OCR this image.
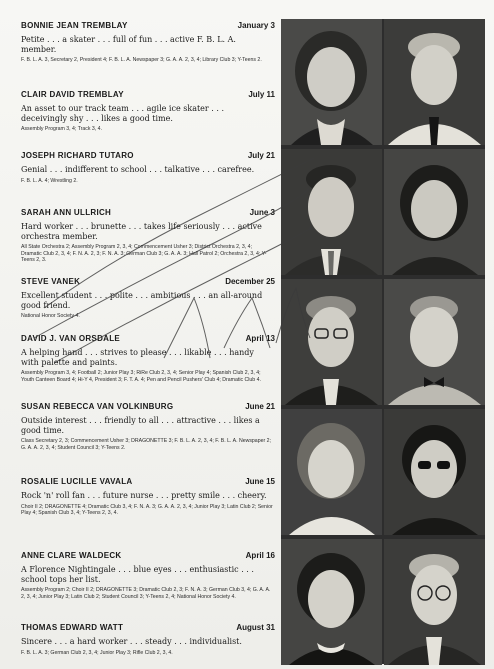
BONNIE JEAN TREMBLAY	January 3
Petite . . . a skater . . . full of fun . . . active F. B. L. A. member.
F. B. L. A. 3, Secretary 2, President 4; F. B. L. A. Newspaper 3; G. A. A. 2, 3, 4; Library Club 3; Y-Teens 2.
CLAIR DAVID TREMBLAY	July 11
An asset to our track team . . . agile ice skater . . . deceivingly shy . . . likes a good time.
Assembly Program 3, 4; Track 3, 4.
JOSEPH RICHARD TUTARO	July 21
Genial . . . indifferent to school . . . talkative . . . carefree.
F. B. L. A. 4; Wrestling 2.
SARAH ANN ULLRICH	June 3
Hard worker . . . brunette . . . takes life seriously . . . active orchestra member.
All State Orchestra 2; Assembly Program 2, 3, 4; Commencement Usher 3; District Orchestra 2, 3, 4; Dramatic Club 2, 3, 4; F. N. A. 2, 3; F. N. A. 3; German Club 3; G. A. A. 3; Hall Patrol 2; Orchestra 2, 3, 4; Y-Teens 2, 3.
STEVE VANEK	December 25
Excellent student . . . polite . . . ambitious . . . an all-around good friend.
National Honor Society 4.
DAVID J. VAN ORSDALE	April 13
A helping hand . . . strives to please . . . likable . . . handy with palette and paints.
Assembly Program 3, 4; Football 2; Junior Play 3; RiRe Club 2, 3, 4; Senior Play 4; Spanish Club 2, 3, 4; Youth Canteen Board 4; Hi-Y 4, President 3; F. T. A. 4; Pen and Pencil Pushers' Club 4; Dramatic Club 4.
SUSAN REBECCA VAN VOLKINBURG	June 21
Outside interest . . . friendly to all . . . attractive . . . likes a good time.
Class Secretary 2, 3; Commencement Usher 3; DRAGONETTE 3; F. B. L. A. 2, 3, 4; F. B. L. A. Newspaper 2; G. A. A. 2, 3, 4; Student Council 3; Y-Teens 2.
ROSALIE LUCILLE VAVALA	June 15
Rock 'n' roll fan . . . future nurse . . . pretty smile . . . cheery.
Choir II 2; DRAGONETTE 4; Dramatic Club 3, 4; F. N. A. 3; G. A. A. 2, 3, 4; Junior Play 3; Latin Club 2; Senior Play 4; Spanish Club 3, 4; Y-Teens 2, 3, 4.
ANNE CLARE WALDECK	April 16
A Florence Nightingale . . . blue eyes . . . enthusiastic . . . school tops her list.
Assembly Program 2; Choir II 2; DRAGONETTE 3; Dramatic Club 2, 3; F. N. A. 3; German Club 3, 4; G. A. A. 2, 3, 4; Junior Play 3; Latin Club 2; Student Council 3; Y-Teens 2, 4; National Honor Society 4.
THOMAS EDWARD WATT	August 31
Sincere . . . a hard worker . . . steady . . . individualist.
F. B. L. A. 3; German Club 2, 3, 4; Junior Play 3; Rifle Club 2, 3, 4.
